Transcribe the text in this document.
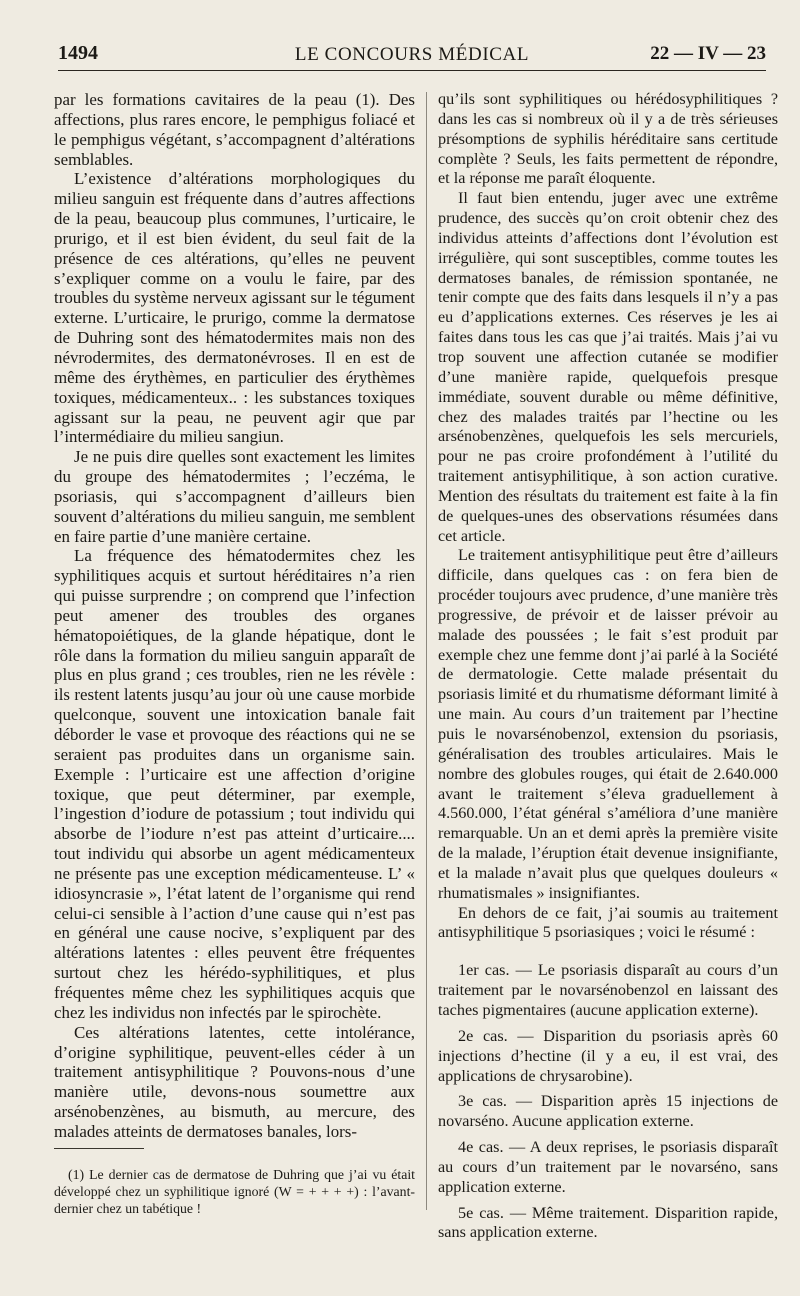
1494	LE CONCOURS MÉDICAL	22 — IV — 23

par les formations cavitaires de la peau (1). Des affections, plus rares encore, le pemphigus foliacé et le pemphigus végétant, s’accompagnent d’altérations semblables.

L’existence d’altérations morphologiques du milieu sanguin est fréquente dans d’autres affections de la peau, beaucoup plus communes, l’urticaire, le prurigo, et il est bien évident, du seul fait de la présence de ces altérations, qu’elles ne peuvent s’expliquer comme on a voulu le faire, par des troubles du système nerveux agissant sur le tégument externe. L’urticaire, le prurigo, comme la dermatose de Duhring sont des hématodermites mais non des névrodermites, des dermatonévroses. Il en est de même des érythèmes, en particulier des érythèmes toxiques, médicamenteux.. : les substances toxiques agissant sur la peau, ne peuvent agir que par l’intermédiaire du milieu sangiun.

Je ne puis dire quelles sont exactement les limites du groupe des hématodermites ; l’eczéma, le psoriasis, qui s’accompagnent d’ailleurs bien souvent d’altérations du milieu sanguin, me semblent en faire partie d’une manière certaine.

La fréquence des hématodermites chez les syphilitiques acquis et surtout héréditaires n’a rien qui puisse surprendre ; on comprend que l’infection peut amener des troubles des organes hématopoiétiques, de la glande hépatique, dont le rôle dans la formation du milieu sanguin apparaît de plus en plus grand ; ces troubles, rien ne les révèle : ils restent latents jusqu’au jour où une cause morbide quelconque, souvent une intoxication banale fait déborder le vase et provoque des réactions qui ne se seraient pas produites dans un organisme sain. Exemple : l’urticaire est une affection d’origine toxique, que peut déterminer, par exemple, l’ingestion d’iodure de potassium ; tout individu qui absorbe de l’iodure n’est pas atteint d’urticaire.... tout individu qui absorbe un agent médicamenteux ne présente pas une exception médicamenteuse. L’ « idiosyncrasie », l’état latent de l’organisme qui rend celui-ci sensible à l’action d’une cause qui n’est pas en général une cause nocive, s’expliquent par des altérations latentes : elles peuvent être fréquentes surtout chez les hérédo-syphilitiques, et plus fréquentes même chez les syphilitiques acquis que chez les individus non infectés par le spirochète.

Ces altérations latentes, cette intolérance, d’origine syphilitique, peuvent-elles céder à un traitement antisyphilitique ? Pouvons-nous d’une manière utile, devons-nous soumettre aux arsénobenzènes, au bismuth, au mercure, des malades atteints de dermatoses banales, lors-

(1) Le dernier cas de dermatose de Duhring que j’ai vu était développé chez un syphilitique ignoré (W = + + + +) : l’avant-dernier chez un tabétique !

qu’ils sont syphilitiques ou hérédosyphilitiques ? dans les cas si nombreux où il y a de très sérieuses présomptions de syphilis héréditaire sans certitude complète ? Seuls, les faits permettent de répondre, et la réponse me paraît éloquente.

Il faut bien entendu, juger avec une extrême prudence, des succès qu’on croit obtenir chez des individus atteints d’affections dont l’évolution est irrégulière, qui sont susceptibles, comme toutes les dermatoses banales, de rémission spontanée, ne tenir compte que des faits dans lesquels il n’y a pas eu d’applications externes. Ces réserves je les ai faites dans tous les cas que j’ai traités. Mais j’ai vu trop souvent une affection cutanée se modifier d’une manière rapide, quelquefois presque immédiate, souvent durable ou même définitive, chez des malades traités par l’hectine ou les arsénobenzènes, quelquefois les sels mercuriels, pour ne pas croire profondément à l’utilité du traitement antisyphilitique, à son action curative. Mention des résultats du traitement est faite à la fin de quelques-unes des observations résumées dans cet article.

Le traitement antisyphilitique peut être d’ailleurs difficile, dans quelques cas : on fera bien de procéder toujours avec prudence, d’une manière très progressive, de prévoir et de laisser prévoir au malade des poussées ; le fait s’est produit par exemple chez une femme dont j’ai parlé à la Société de dermatologie. Cette malade présentait du psoriasis limité et du rhumatisme déformant limité à une main. Au cours d’un traitement par l’hectine puis le novarsénobenzol, extension du psoriasis, généralisation des troubles articulaires. Mais le nombre des globules rouges, qui était de 2.640.000 avant le traitement s’éleva graduellement à 4.560.000, l’état général s’améliora d’une manière remarquable. Un an et demi après la première visite de la malade, l’éruption était devenue insignifiante, et la malade n’avait plus que quelques douleurs « rhumatismales » insignifiantes.

En dehors de ce fait, j’ai soumis au traitement antisyphilitique 5 psoriasiques ; voici le résumé :

1er cas. — Le psoriasis disparaît au cours d’un traitement par le novarsénobenzol en laissant des taches pigmentaires (aucune application externe).

2e cas. — Disparition du psoriasis après 60 injections d’hectine (il y a eu, il est vrai, des applications de chrysarobine).

3e cas. — Disparition après 15 injections de novarséno. Aucune application externe.

4e cas. — A deux reprises, le psoriasis disparaît au cours d’un traitement par le novarséno, sans application externe.

5e cas. — Même traitement. Disparition rapide, sans application externe.
